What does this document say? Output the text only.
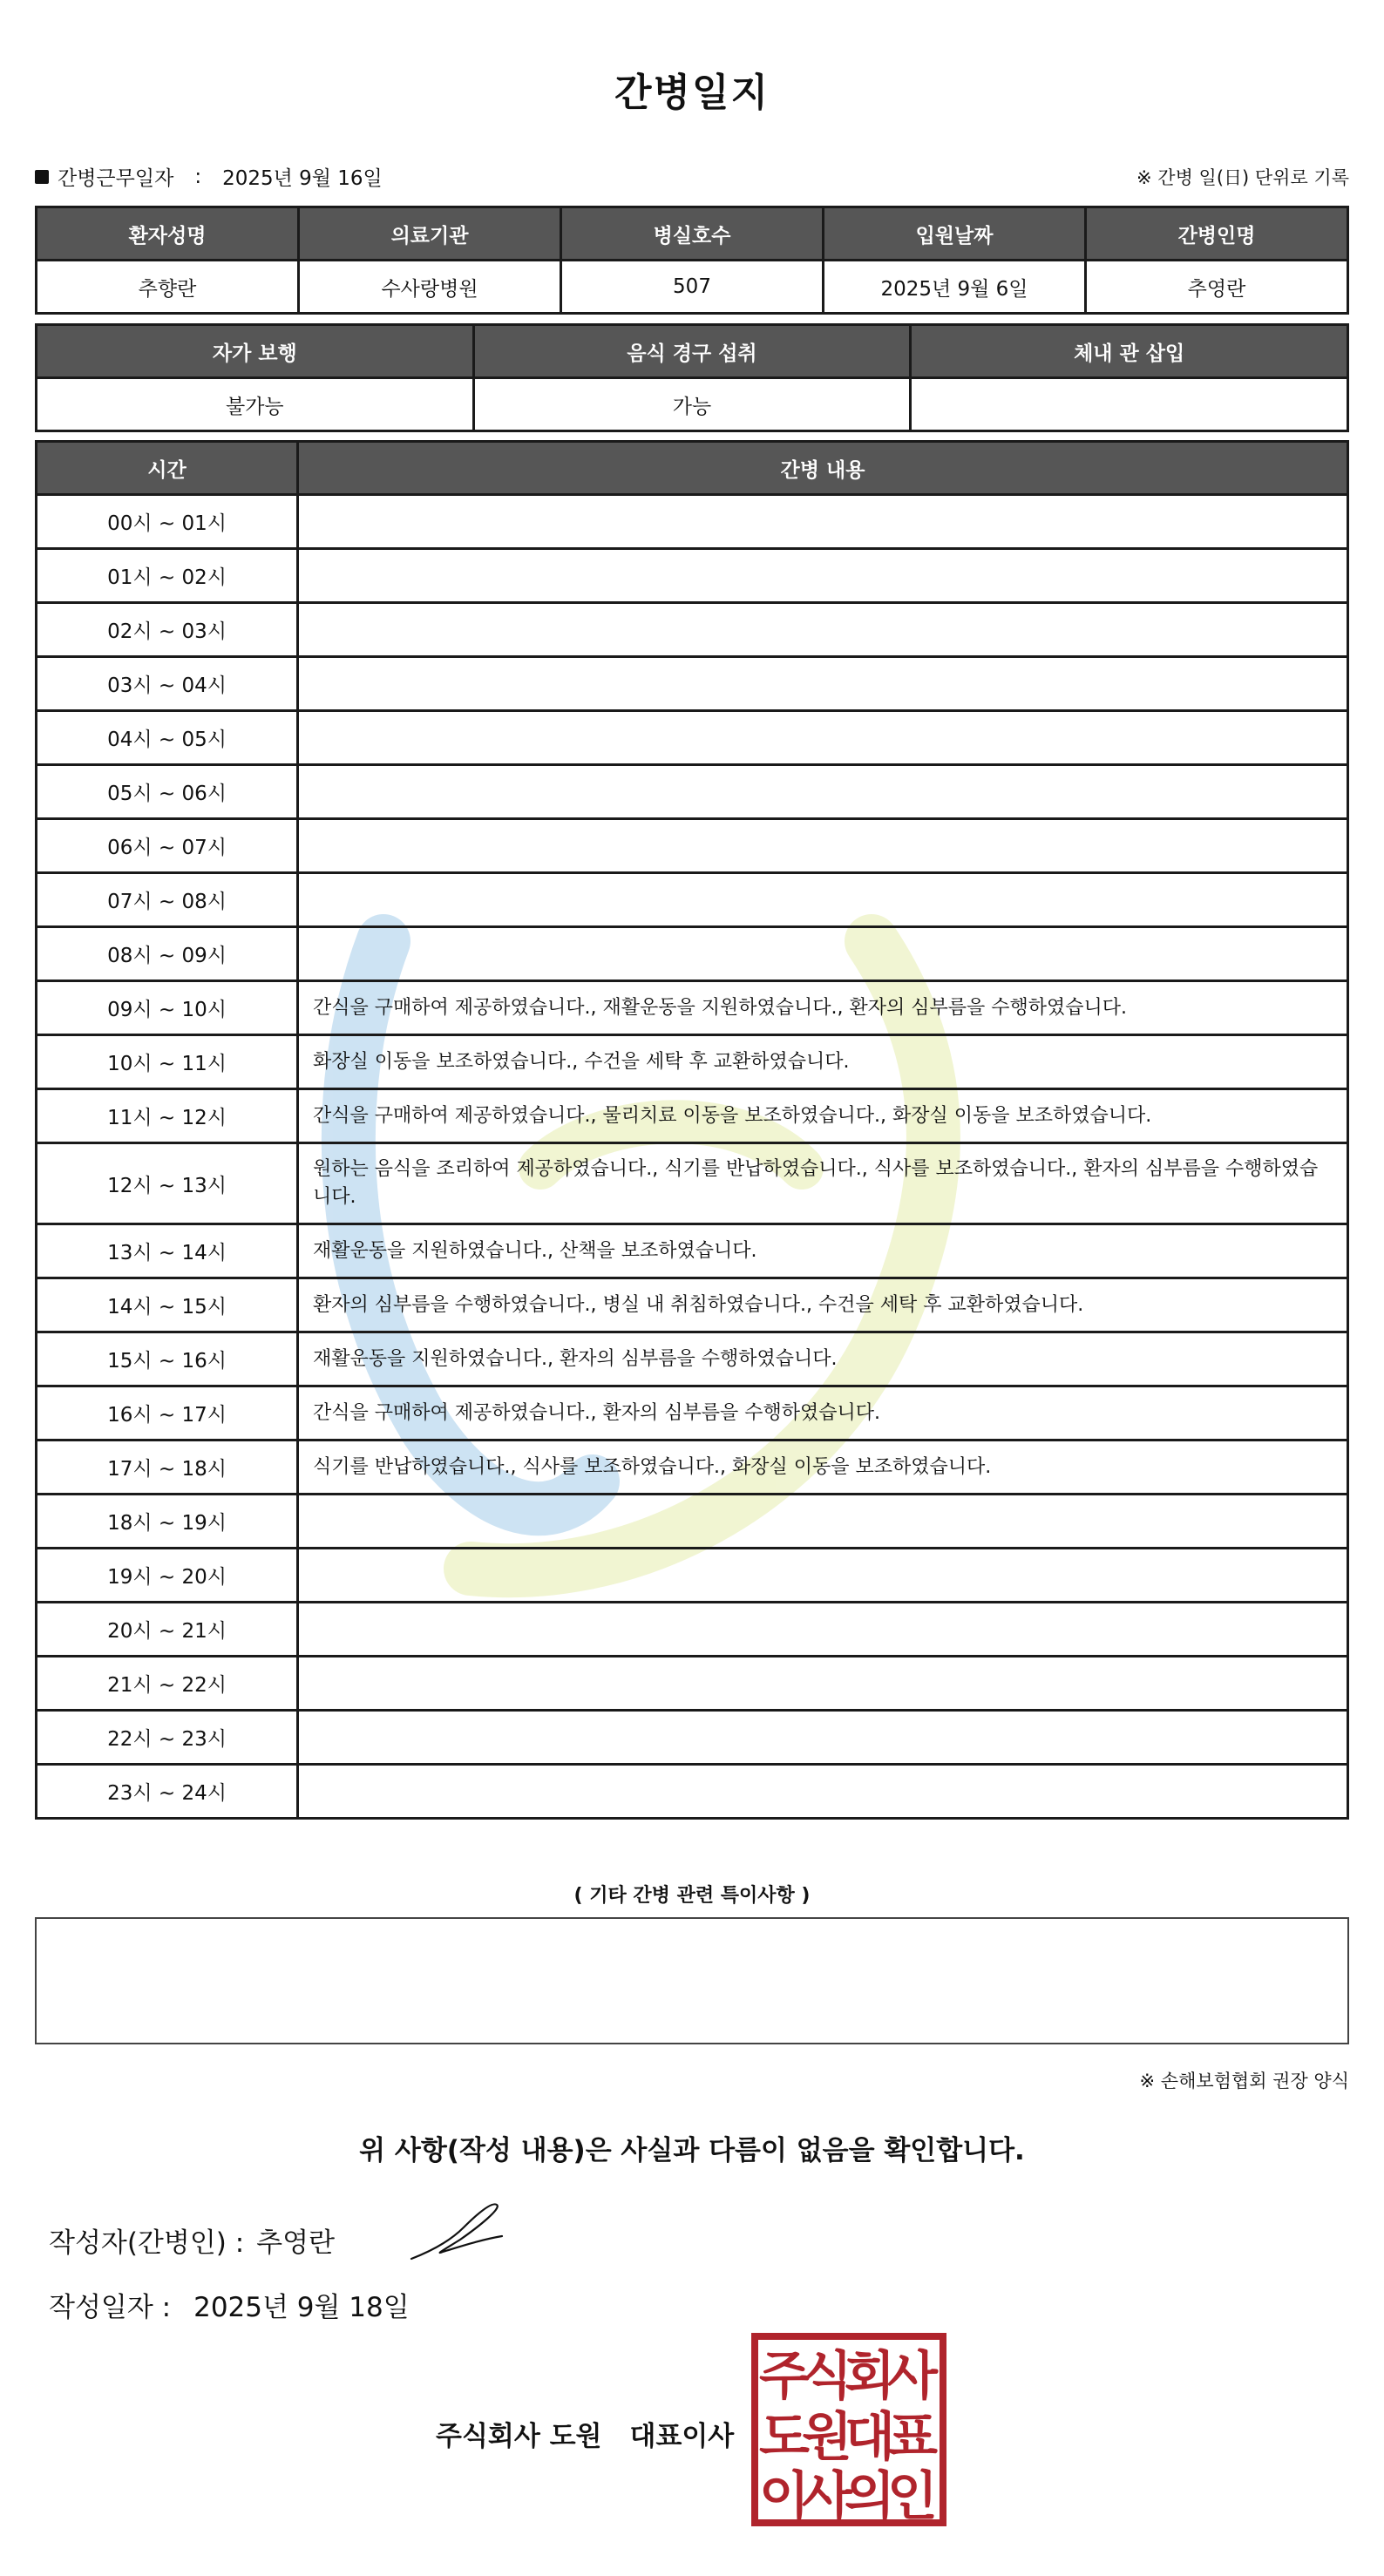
간병일지
간병근무일자 : 2025년 9월 16일	※ 간병 일(日) 단위로 기록
환자성명	의료기관	병실호수	입원날짜	간병인명
추향란	수사랑병원	507	2025년 9월 6일	추영란
자가 보행	음식 경구 섭취	체내 관 삽입
불가능	가능	
시간	간병 내용
00시 ~ 01시	
01시 ~ 02시	
02시 ~ 03시	
03시 ~ 04시	
04시 ~ 05시	
05시 ~ 06시	
06시 ~ 07시	
07시 ~ 08시	
08시 ~ 09시	
09시 ~ 10시	간식을 구매하여 제공하였습니다., 재활운동을 지원하였습니다., 환자의 심부름을 수행하였습니다.
10시 ~ 11시	화장실 이동을 보조하였습니다., 수건을 세탁 후 교환하였습니다.
11시 ~ 12시	간식을 구매하여 제공하였습니다., 물리치료 이동을 보조하였습니다., 화장실 이동을 보조하였습니다.
12시 ~ 13시	원하는 음식을 조리하여 제공하였습니다., 식기를 반납하였습니다., 식사를 보조하였습니다., 환자의 심부름을 수행하였습니다.
13시 ~ 14시	재활운동을 지원하였습니다., 산책을 보조하였습니다.
14시 ~ 15시	환자의 심부름을 수행하였습니다., 병실 내 취침하였습니다., 수건을 세탁 후 교환하였습니다.
15시 ~ 16시	재활운동을 지원하였습니다., 환자의 심부름을 수행하였습니다.
16시 ~ 17시	간식을 구매하여 제공하였습니다., 환자의 심부름을 수행하였습니다.
17시 ~ 18시	식기를 반납하였습니다., 식사를 보조하였습니다., 화장실 이동을 보조하였습니다.
18시 ~ 19시	
19시 ~ 20시	
20시 ~ 21시	
21시 ~ 22시	
22시 ~ 23시	
23시 ~ 24시	
( 기타 간병 관련 특이사항 )
※ 손해보험협회 권장 양식
위 사항(작성 내용)은 사실과 다름이 없음을 확인합니다.
작성자(간병인) : 추영란
작성일자 : 2025년 9월 18일
주식회사 도원 대표이사
주
식
회
사
도
원
대
표
이
사
의
인
